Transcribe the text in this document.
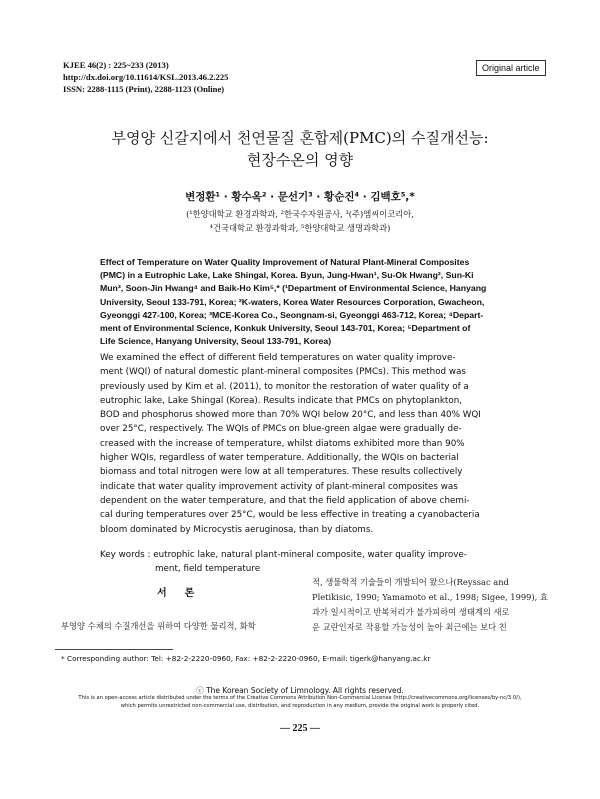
KJEE 46(2) : 225~233 (2013)
http://dx.doi.org/10.11614/KSL.2013.46.2.225
ISSN: 2288-1115 (Print), 2288-1123 (Online)
Original article
부영양 신갈지에서 천연물질 혼합제(PMC)의 수질개선능:
현장수온의 영향
변정환¹ · 황수옥² · 문선기³ · 황순진⁴ · 김백호⁵,*
(¹한양대학교 환경과학과, ²한국수자원공사, ³(주)엠씨이코리아,
⁴건국대학교 환경과학과, ⁵한양대학교 생명과학과)
Effect of Temperature on Water Quality Improvement of Natural Plant-Mineral Composites
(PMC) in a Eutrophic Lake, Lake Shingal, Korea. Byun, Jung-Hwan¹, Su-Ok Hwang², Sun-Ki
Mun³, Soon-Jin Hwang⁴ and Baik-Ho Kim⁵,* (¹Department of Environmental Science, Hanyang
University, Seoul 133-791, Korea; ²K-waters, Korea Water Resources Corporation, Gwacheon,
Gyeonggi 427-100, Korea; ³MCE-Korea Co., Seongnam-si, Gyeonggi 463-712, Korea; ⁴Depart-
ment of Environmental Science, Konkuk University, Seoul 143-701, Korea; ⁵Department of
Life Science, Hanyang University, Seoul 133-791, Korea)
We examined the effect of different field temperatures on water quality improve-
ment (WQI) of natural domestic plant-mineral composites (PMCs). This method was
previously used by Kim et al. (2011), to monitor the restoration of water quality of a
eutrophic lake, Lake Shingal (Korea). Results indicate that PMCs on phytoplankton,
BOD and phosphorus showed more than 70% WQI below 20°C, and less than 40% WQI
over 25°C, respectively. The WQIs of PMCs on blue-green algae were gradually de-
creased with the increase of temperature, whilst diatoms exhibited more than 90%
higher WQIs, regardless of water temperature. Additionally, the WQIs on bacterial
biomass and total nitrogen were low at all temperatures. These results collectively
indicate that water quality improvement activity of plant-mineral composites was
dependent on the water temperature, and that the field application of above chemi-
cal during temperatures over 25°C, would be less effective in treating a cyanobacteria
bloom dominated by Microcystis aeruginosa, than by diatoms.
Key words : eutrophic lake, natural plant-mineral composite, water quality improve-
ment, field temperature
서론
부영양 수체의 수질개선을 위하여 다양한 물리적, 화학
적, 생물학적 기술들이 개발되어 왔으나(Reyssac and
Pletikisic, 1990; Yamamoto et al., 1998; Sigee, 1999), 효
과가 일시적이고 반복처리가 불가피하여 생태계의 새로
운 교란인자로 작용할 가능성이 높아 최근에는 보다 친
* Corresponding author: Tel: +82-2-2220-0960, Fax: +82-2-2220-0960, E-mail: tigerk@hanyang.ac.kr
ⓒ The Korean Society of Limnology. All rights reserved.
This is an open-access article distributed under the terms of the Creative Commons Attribution Non-Commercial License (http://creativecommons.org/licenses/by-nc/3.0/),
which permits unrestricted non-commercial use, distribution, and reproduction in any medium, provide the original work is properly cited.
— 225 —
